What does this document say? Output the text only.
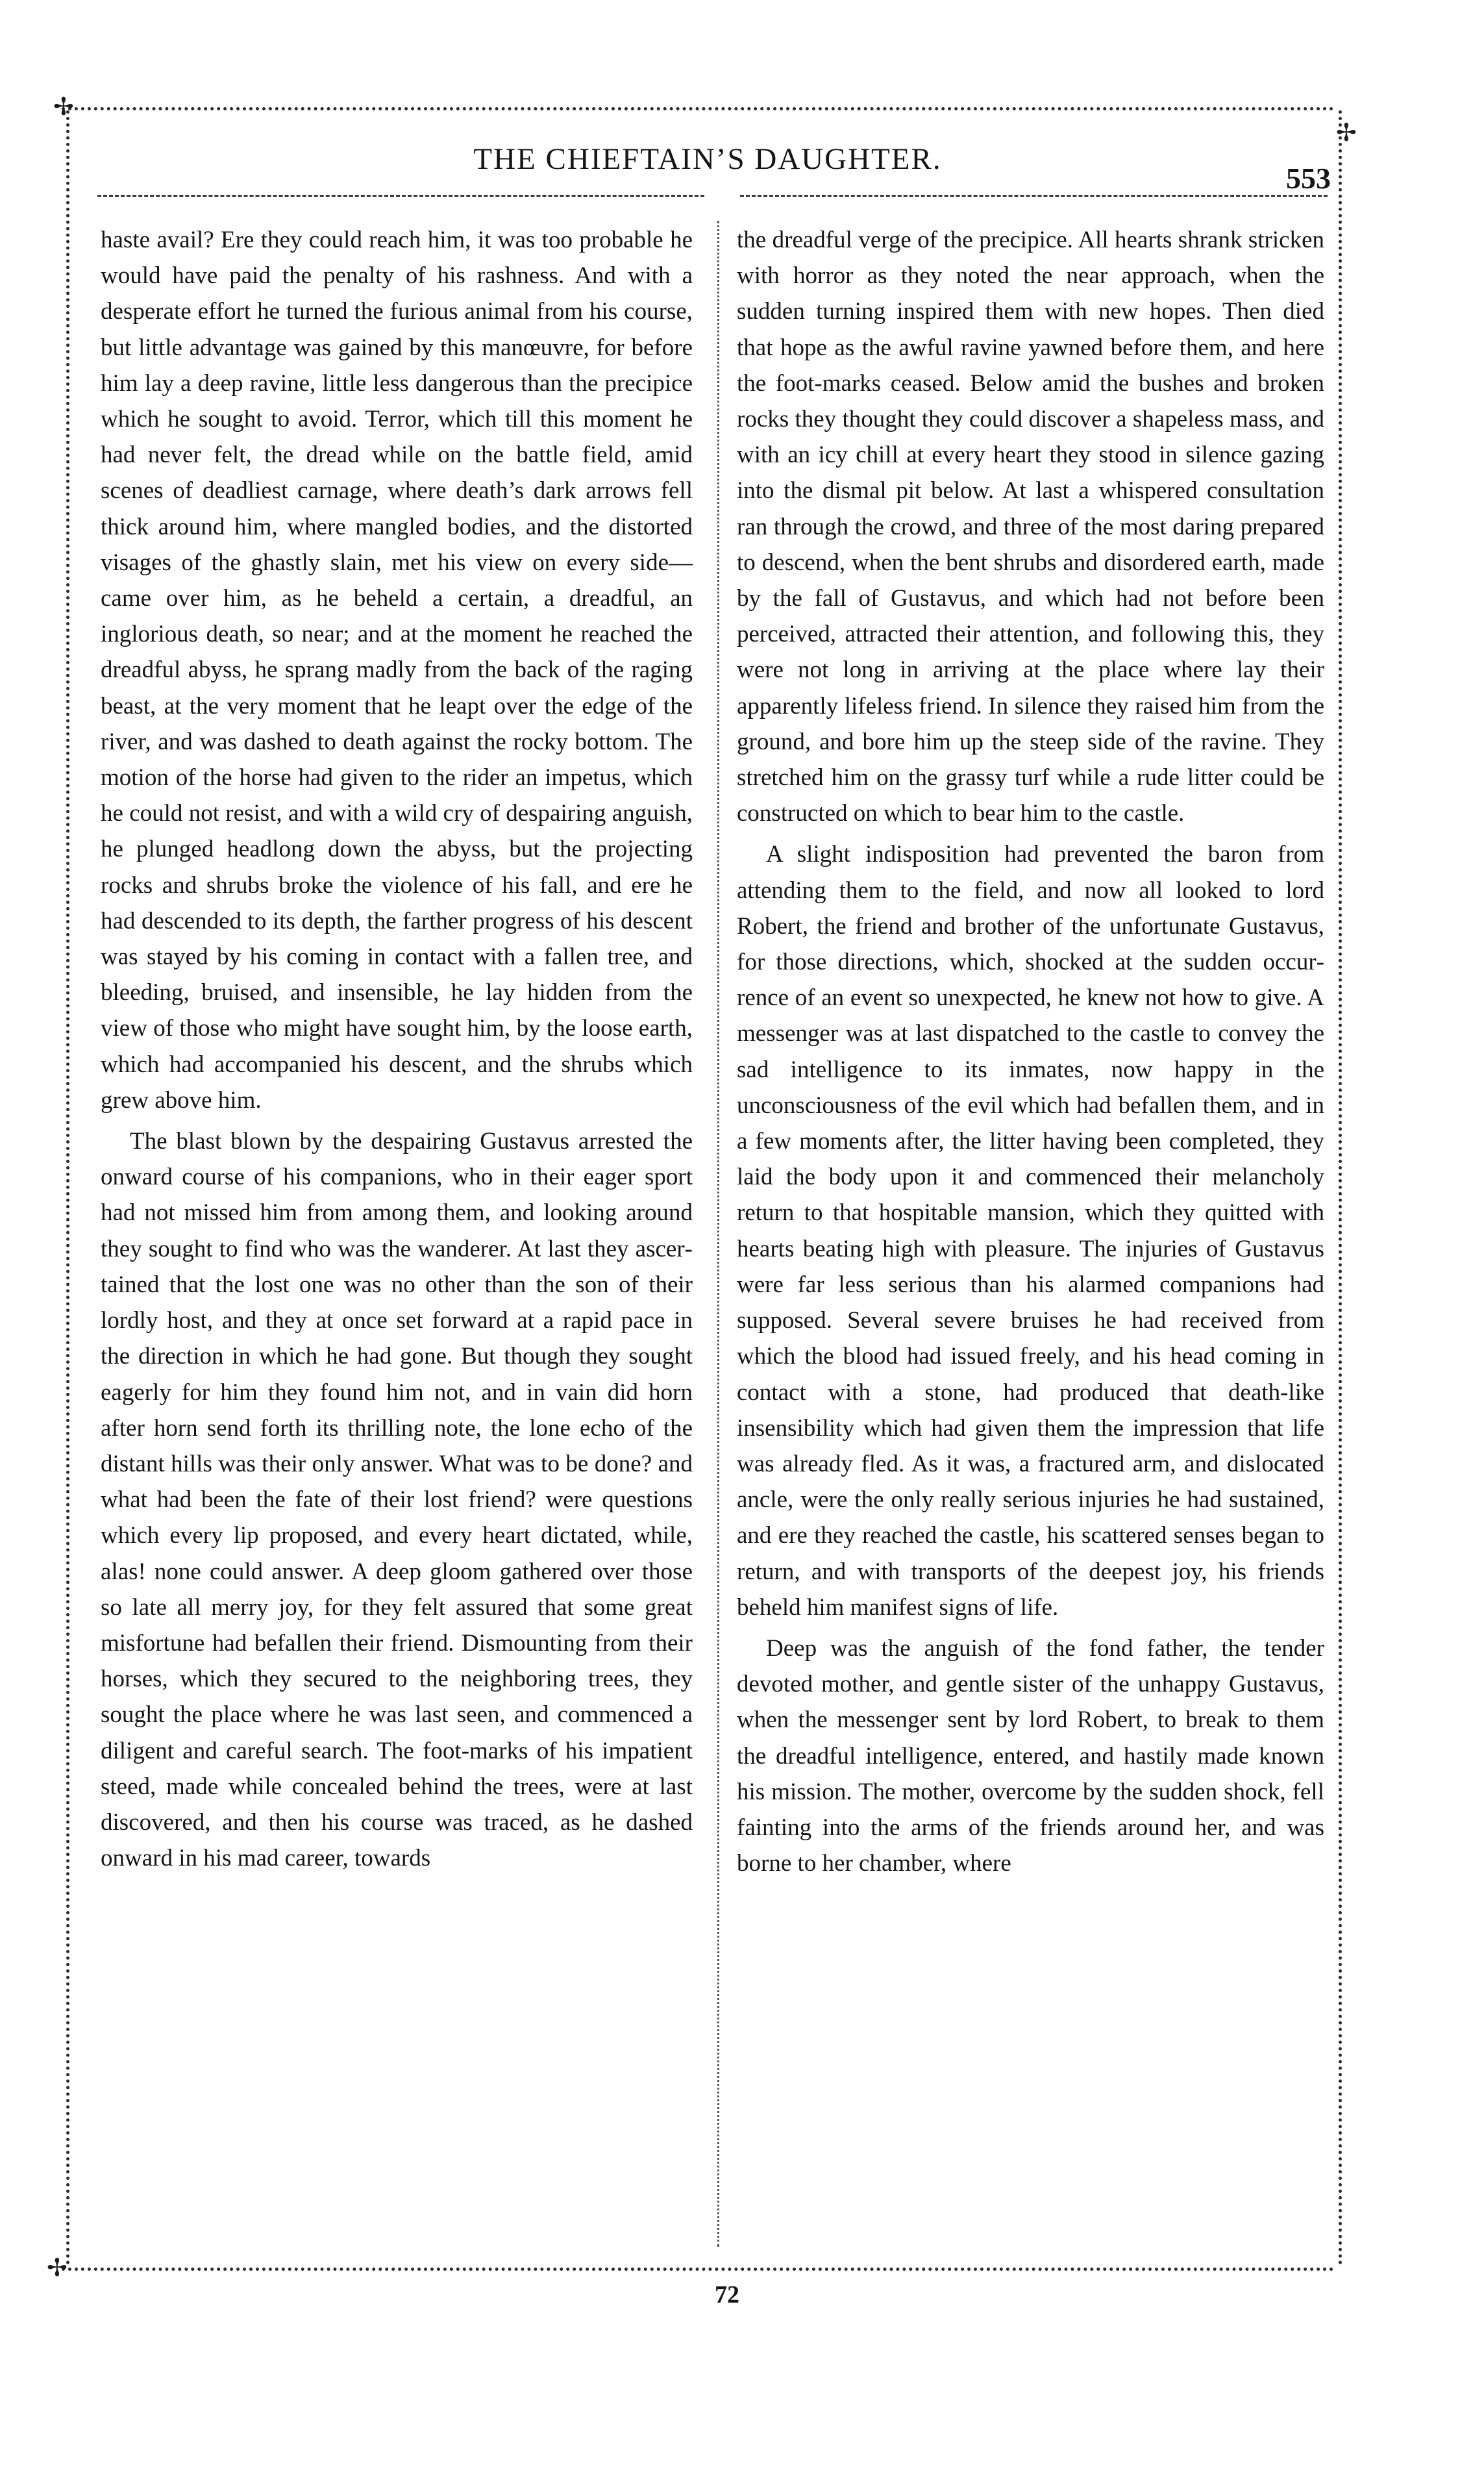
✢
✢
✢
THE CHIEFTAIN’S DAUGHTER.
553

haste avail? Ere they could reach him, it was too probable he would have paid the penalty of his rashness. And with a desperate effort he turned the furious animal from his course, but little advantage was gained by this manœuvre, for before him lay a deep ravine, little less dangerous than the precipice which he sought to avoid. Terror, which till this moment he had never felt, the dread while on the battle field, amid scenes of deadliest carnage, where death’s dark arrows fell thick around him, where mangled bodies, and the distorted visages of the ghastly slain, met his view on every side—came over him, as he beheld a certain, a dreadful, an inglorious death, so near; and at the moment he reached the dreadful abyss, he sprang madly from the back of the raging beast, at the very moment that he leapt over the edge of the river, and was dashed to death against the rocky bottom. The motion of the horse had given to the rider an impetus, which he could not resist, and with a wild cry of despairing anguish, he plunged headlong down the abyss, but the projecting rocks and shrubs broke the violence of his fall, and ere he had descended to its depth, the farther progress of his descent was stayed by his coming in contact with a fallen tree, and bleeding, bruised, and insensible, he lay hidden from the view of those who might have sought him, by the loose earth, which had accompanied his descent, and the shrubs which grew above him.

The blast blown by the despairing Gustavus arrested the onward course of his companions, who in their eager sport had not missed him from among them, and looking around they sought to find who was the wanderer. At last they ascertained that the lost one was no other than the son of their lordly host, and they at once set forward at a rapid pace in the direction in which he had gone. But though they sought eagerly for him they found him not, and in vain did horn after horn send forth its thrilling note, the lone echo of the distant hills was their only answer. What was to be done? and what had been the fate of their lost friend? were questions which every lip proposed, and every heart dictated, while, alas! none could answer. A deep gloom gathered over those so late all merry joy, for they felt assured that some great misfortune had befallen their friend. Dismounting from their horses, which they secured to the neighboring trees, they sought the place where he was last seen, and commenced a diligent and careful search. The foot-marks of his impatient steed, made while concealed behind the trees, were at last discovered, and then his course was traced, as he dashed onward in his mad career, towards

the dreadful verge of the precipice. All hearts shrank stricken with horror as they noted the near approach, when the sudden turning inspired them with new hopes. Then died that hope as the awful ravine yawned before them, and here the foot-marks ceased. Below amid the bushes and broken rocks they thought they could discover a shapeless mass, and with an icy chill at every heart they stood in silence gazing into the dismal pit below. At last a whispered consultation ran through the crowd, and three of the most daring prepared to descend, when the bent shrubs and disordered earth, made by the fall of Gustavus, and which had not before been perceived, attracted their attention, and following this, they were not long in arriving at the place where lay their apparently lifeless friend. In silence they raised him from the ground, and bore him up the steep side of the ravine. They stretched him on the grassy turf while a rude litter could be constructed on which to bear him to the castle.

A slight indisposition had prevented the baron from attending them to the field, and now all looked to lord Robert, the friend and brother of the unfortunate Gustavus, for those directions, which, shocked at the sudden occurrence of an event so unexpected, he knew not how to give. A messenger was at last dispatched to the castle to convey the sad intelligence to its inmates, now happy in the unconsciousness of the evil which had befallen them, and in a few moments after, the litter having been completed, they laid the body upon it and commenced their melancholy return to that hospitable mansion, which they quitted with hearts beating high with pleasure. The injuries of Gustavus were far less serious than his alarmed companions had supposed. Several severe bruises he had received from which the blood had issued freely, and his head coming in contact with a stone, had produced that death-like insensibility which had given them the impression that life was already fled. As it was, a fractured arm, and dislocated ancle, were the only really serious injuries he had sustained, and ere they reached the castle, his scattered senses began to return, and with transports of the deepest joy, his friends beheld him manifest signs of life.

Deep was the anguish of the fond father, the tender devoted mother, and gentle sister of the unhappy Gustavus, when the messenger sent by lord Robert, to break to them the dreadful intelligence, entered, and hastily made known his mission. The mother, overcome by the sudden shock, fell fainting into the arms of the friends around her, and was borne to her chamber, where

72
